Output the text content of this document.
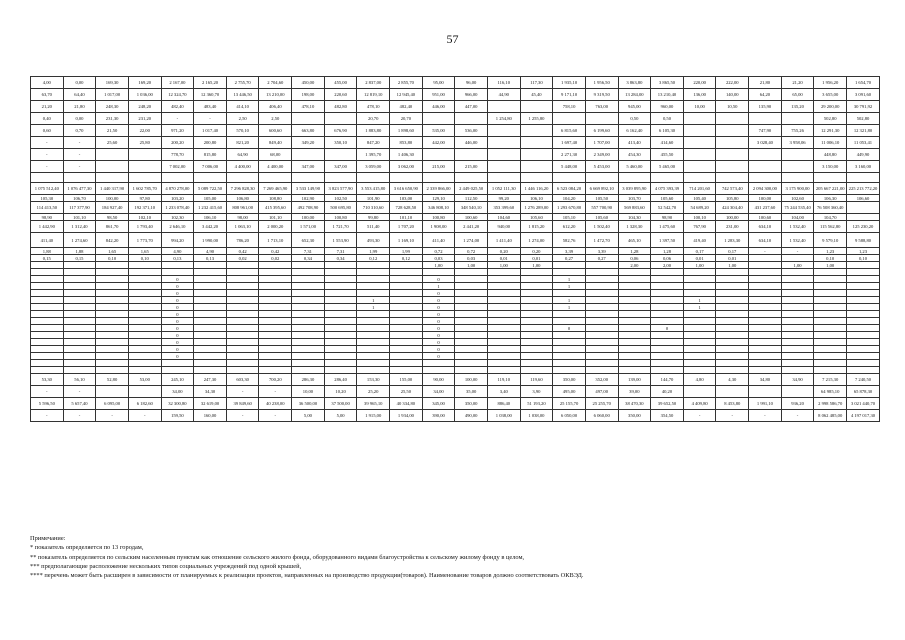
57
4,00	0,00	169,30	169,20	2 167,00	2 165,20	2 755,70	2 704,60	450,00	455,00	2 837,00	2 855,70	95,00	96,00	116,10	117,30	1 935,10	1 956,50	3 863,80	3 865,50	220,00	222,00	21,80	21,20	1 956,20	1 654,70
63,70	64,40	1 017,00	1 036,00	12 324,70	12 360,70	13 446,50	13 210,00	198,00	220,60	12 819,10	12 945,40	951,00	966,00	44,90	45,40	9 171,10	9 319,50	13 284,00	13 210,40	136,00	140,00	64,20	65,00	3 655,00	3 091,60
21,20	21,80	248,30	248,20	482,40	483,40	414,10	406,40	478,10	482,80	478,10	482,40	446,00	447,00			758,10	763,00	945,00	960,00	10,00	10,50	135,90	135,20	29 200,00	30 791,92
0,40	0,00	231,30	231,20	-	-	2,50	2,50			20,70	20,70			1 254,80	1 255,80			0,50	0,50					502,80	502,80
0,60	0,70	21,50	22,00	971,20	1 017,40	570,10	600,60	663,80	676,90	1 883,80	1 898,60	535,00	536,00			6 815,60	6 199,60	6 162,40	6 105,30			747,90	755,26	12 291,30	12 321,80
-	-	25,60	25,80	200,20	200,80	821,20	849,40	349,20	350,10	847,20	853,80	442,00	446,00			1 697,40	1 707,00	413,40	414,60			3 028,40	3 958,06	11 006,10	11 053,41
-	-			778,70	815,80	64,90	68,00			1 395,70	1 406,30					2 271,30	2 349,00	454,30	455,50					448,80	449,90
-	-			7 002,00	7 006,00	4 400,00	4 400,00	347,00	347,00	3 059,00	3 062,00	215,00	215,00			5 448,00	5 453,00	5 460,00	5 465,00					3 150,00	3 160,00

1 075 512,40	1 076 477,30	1 440 317,90	1 602 785,70	4 870 278,00	5 089 722,50	7 296 828,30	7 269 465,90	3 533 149,90	3 823 577,90	3 553 415,80	3 616 650,90	2 339 866,00	2 449 025,50	1 052 111,30	1 446 116,20	6 523 084,20	6 669 892,10	3 039 895,90	4 075 393,39	714 201,60	742 573,40	2 094 300,00	3 175 900,00	205 667 221,00	225 213 772,20
105,30	106,70	100,00	97,80	103,20	105,00	106,80	108,80	102,90	102,50	101,90	103,00	129,10	112,50	99,20	106,10	104,20	105,50	103,70	105,60	105,40	105,80	100,00	102,60	106,30	106,60
114 413,50	117 377,90	184 927,40	192 371,10	1 233 078,40	1 232 415,60	808 961,00	415 395,60	492 708,90	500 695,80	710 310,60	728 628,50	346 808,10	348 540,10	353 399,60	1 276 289,00	1 293 670,80	557 700,90	569 883,60	52 542,70	54 689,20	424 304,40	431 237,60	75 244 535,40	76 508 360,40	
98,90	101,10	98,50	102,10	102,30	106,10	98,00	101,10	100,00	100,80	99,80	101,10	100,80	100,60	104,60	105,60	105,10	105,60	104,30	98,90	100,10	100,00	100,60	104,00	104,70	
1 442,90	1 312,40	861,70	1 793,40	2 646,10	3 442,20	1 063,10	2 000,20	1 571,00	1 721,70	511,40	1 707,20	1 908,00	2 441,20	940,00	1 815,20	612,20	1 502,40	1 328,30	1 475,60	767,90	231,00	634,10	1 532,40	115 562,80	125 230,20
411,40	1 274,60	842,20	1 773,70	994,20	1 990,00	786,20	1 713,10	652,30	1 553,90	493,30	1 169,10	411,40	1 274,00	1 411,40	1 274,00	582,76	1 472,70	465,10	1 397,50	419,40	1 283,30	634,10	1 532,40	9 579,10	9 588,80
1,88	1,88	1,65	1,65	4,90	4,90	0,42	0,42	7,31	7,31	1,99	1,99	0,72	0,72	0,20	0,20	3,39	3,39	1,28	1,28	0,17	0,17	-	-	1,23	1,23
0,15	0,15	0,10	0,10	0,13	0,13	0,02	0,02	0,34	0,34	0,12	0,12	0,03	0,03	0,01	0,01	0,27	0,27	0,06	0,06	0,01	0,01			0,10	0,10
												1,00	1,00	1,00	1,00			2,00	2,00	1,00	1,00		1,00	1,00	

				0								0				1									
				0								1				1									
				0								0													
				0						1		0				1				1					
				0						1		0				1				1					
				0								0													
				0								0													
				0								0				0			0						
				0								0													
				0								0													
				0								0													
				0								0													

53,30	56,10	52,80	53,00	245,10	247,30	603,30	700,20	286,30	286,40	153,30	155,00	90,00	100,00	119,10	119,60	350,00	352,00	139,00	144,70	4,80	4,30	34,80	34,90	7 215,30	7 240,50
-	-			34,00	34,30	-	-	10,00	10,20	25,20	25,50	34,00	35,00	3,40	3,90	495,00	497,00	39,00	40,20					64 985,10	65 878,30
5 596,50	5 657,40	6 095,00	6 182,60	32 300,80	32 619,00	39 849,60	40 238,00	36 500,00	37 500,00	39 965,10	40 334,80	345,00	350,00	886,40	51 193,20	25 155,70	25 255,70	38 470,30	39 652,50	4 409,80	8 453,80	1 991,10	936,20	2 998 586,70	3 021 440,70
-	-	-	-	159,50	160,00	-	-	5,00	5,00	1 915,00	1 934,00	390,00	490,00	1 038,00	1 038,00	6 050,00	6 060,00	350,00	354,50	-	-	-	-	8 062 485,00	4 197 017,30
Примечание:
* показатель определяется по 13 городам,
** показатель определяется по сельским населенным пунктам как отношение сельского жилого фонда, оборудованного видами благоустройства к сельскому жилому фонду в целом,
*** предполагающие расположение нескольких типов социальных учреждений под одной крышей,
**** перечень может быть расширен в зависимости от планируемых к реализации проектов, направленных на производство продукции(товаров). Наименование товаров должно соответствовать ОКВЭД.
